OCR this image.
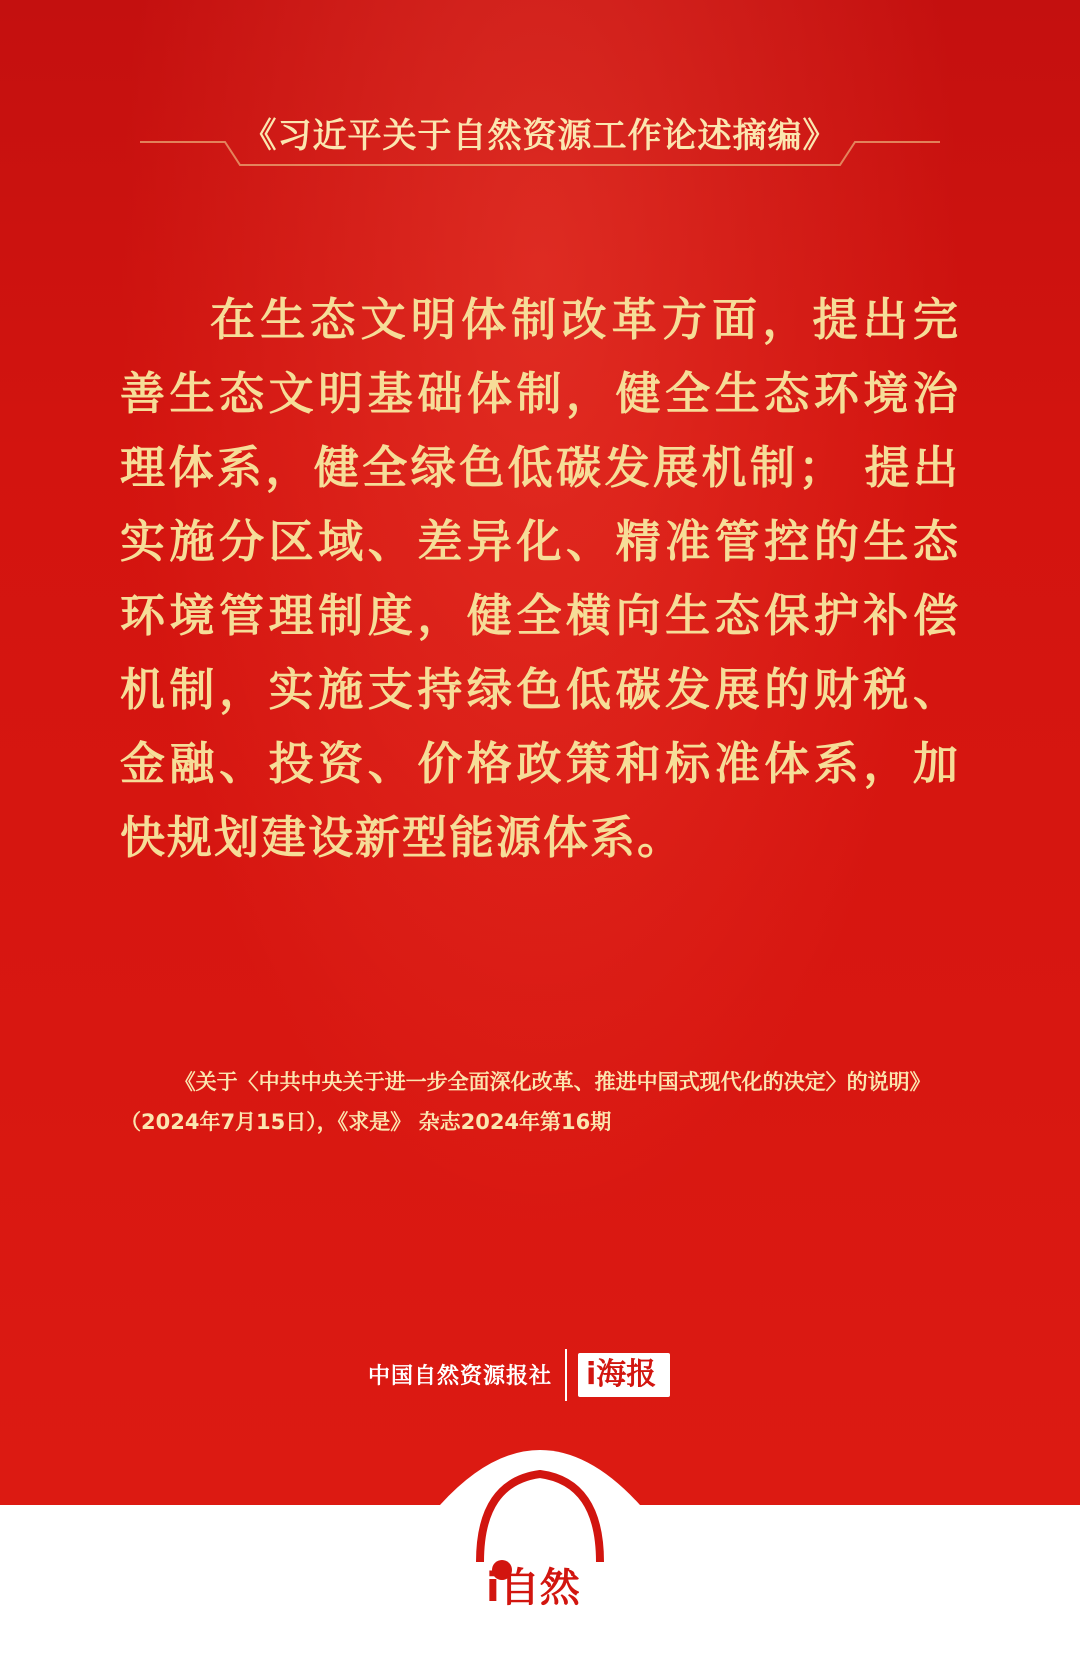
《习近平关于自然资源工作论述摘编》
在生态文明体制改革方面，提出完善生态文明基础体制，健全生态环境治理体系，健全绿色低碳发展机制； 提出实施分区域、差异化、精准管控的生态环境管理制度，健全横向生态保护补偿机制，实施支持绿色低碳发展的财税、金融、投资、价格政策和标准体系，加快规划建设新型能源体系。
《关于〈中共中央关于进一步全面深化改革、推进中国式现代化的决定〉的说明》（2024年7月15日），《求是》 杂志2024年第16期
中国自然资源报社 i海报
i自然
